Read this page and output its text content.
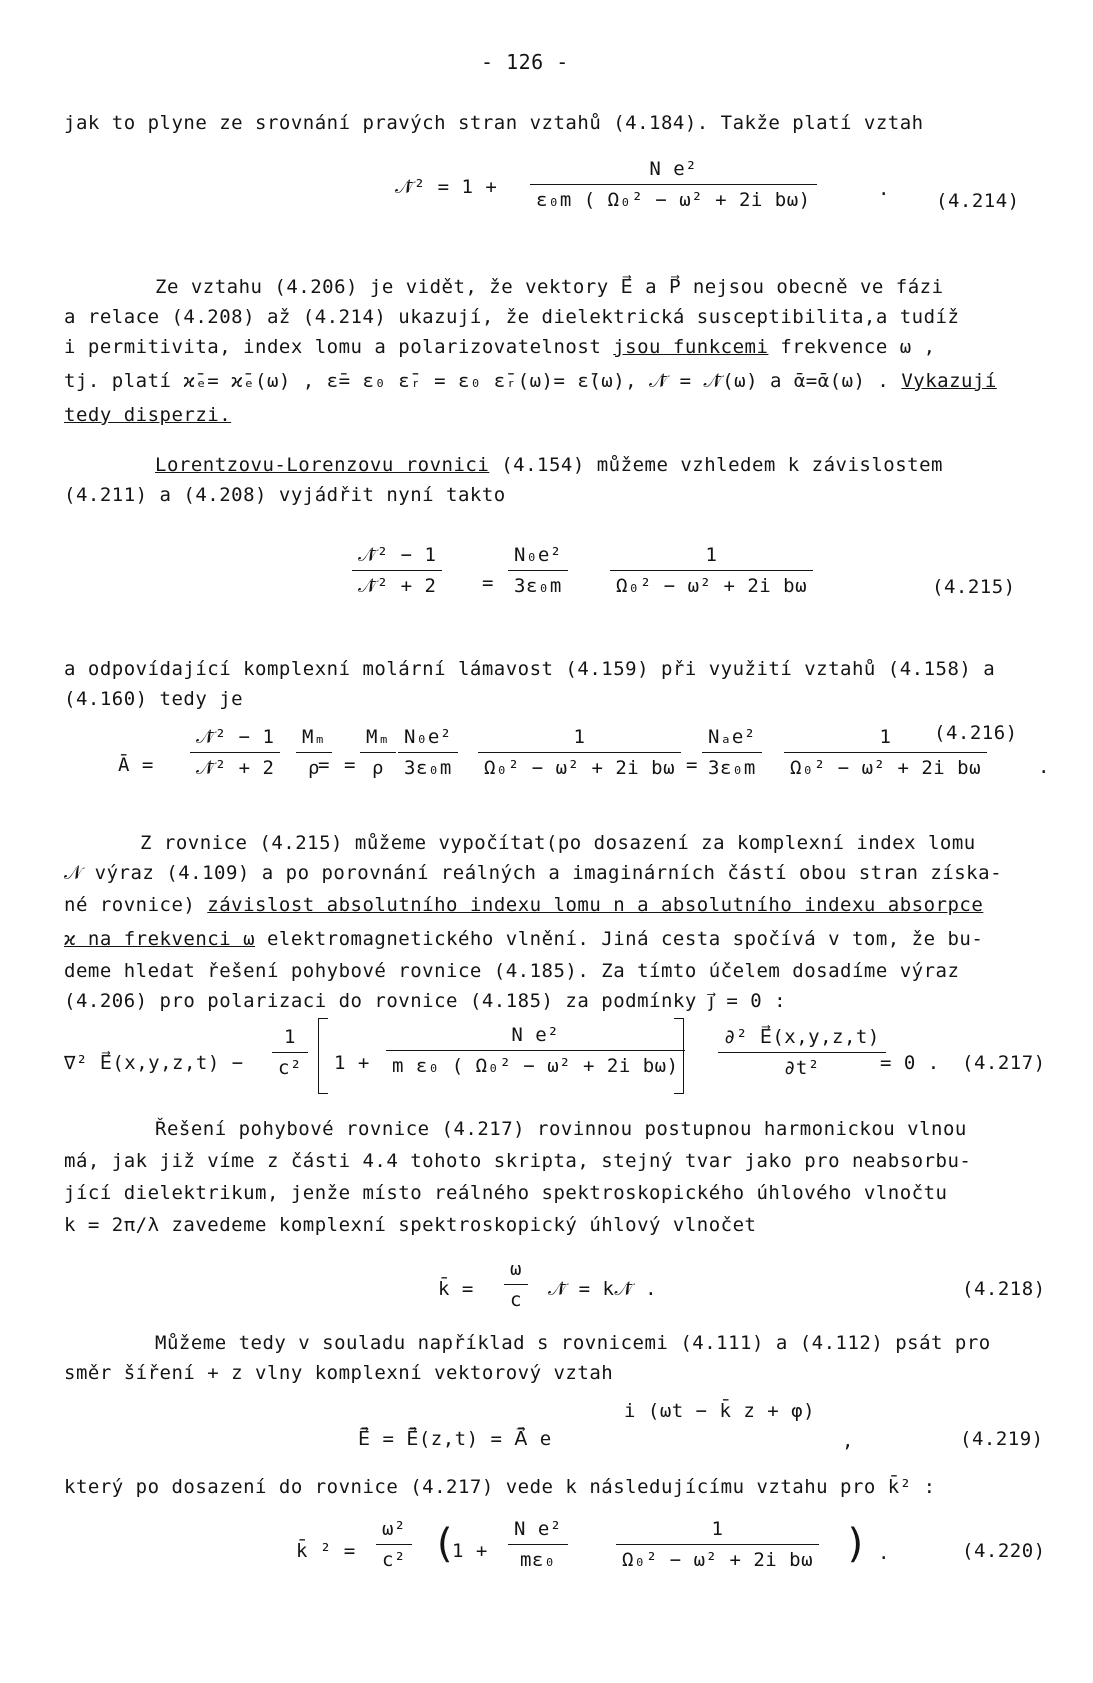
- 126 -
jak to plyne ze srovnání pravých stran vztahů (4.184). Takže platí vztah
𝒩̄² = 1 +
N e²
ε₀m ( Ω₀² − ω² + 2i bω)	.
(4.214)
Ze vztahu (4.206) je vidět, že vektory E⃗ a P⃗ nejsou obecně ve fázi
a relace (4.208) až (4.214) ukazují, že dielektrická susceptibilita,a tudíž
i permitivita, index lomu a polarizovatelnost jsou funkcemi frekvence ω ,
tj. platí ϰ̄ₑ= ϰ̄ₑ(ω) , ε̄= ε₀ ε̄ᵣ = ε₀ ε̄ᵣ(ω)= ε̄(ω), 𝒩̄ = 𝒩̄(ω) a ᾱ=ᾱ(ω) . Vykazují
tedy disperzi.
Lorentzovu-Lorenzovu rovnici (4.154) můžeme vzhledem k závislostem
(4.211) a (4.208) vyjádřit nyní takto
𝒩̄² − 1
𝒩̄² + 2	=
N₀e²
3ε₀m
1
Ω₀² − ω² + 2i bω	(4.215)
a odpovídající komplexní molární lámavost (4.159) při využití vztahů (4.158) a
(4.160) tedy je
Ā =
𝒩̄² − 1
𝒩̄² + 2	=
Mₘ
ρ	=
Mₘ
ρ
N₀e²
3ε₀m
1
Ω₀² − ω² + 2i bω =
Nₐe²
3ε₀m
1
Ω₀² − ω² + 2i bω	.
(4.216)
Z rovnice (4.215) můžeme vypočítat(po dosazení za komplexní index lomu
𝒩 výraz (4.109) a po porovnání reálných a imaginárních částí obou stran získa-
né rovnice) závislost absolutního indexu lomu n a absolutního indexu absorpce
ϰ na frekvenci ω elektromagnetického vlnění. Jiná cesta spočívá v tom, že bu-
deme hledat řešení pohybové rovnice (4.185). Za tímto účelem dosadíme výraz
(4.206) pro polarizaci do rovnice (4.185) za podmínky j⃗ = 0 :
∇² E⃗(x,y,z,t) −
1
c²	1 +
N e²
m ε₀ ( Ω₀² − ω² + 2i bω)
∂² E⃗(x,y,z,t)
∂t²	= 0 . (4.217)
Řešení pohybové rovnice (4.217) rovinnou postupnou harmonickou vlnou
má, jak již víme z části 4.4 tohoto skripta, stejný tvar jako pro neabsorbu-
jící dielektrikum, jenže místo reálného spektroskopického úhlového vlnočtu
k = 2π/λ zavedeme komplexní spektroskopický úhlový vlnočet
k̄ =
ω
c	𝒩̄ = k𝒩̄ .	(4.218)
Můžeme tedy v souladu například s rovnicemi (4.111) a (4.112) psát pro
směr šíření + z vlny komplexní vektorový vztah
E⃗̄ = E⃗̄(z,t) = A⃗̄ e
i (ωt − k̄ z + φ)
,	(4.219)
který po dosazení do rovnice (4.217) vede k následujícímu vztahu pro k̄² :
k̄ ² =
ω²
c² (
1 +
N e²
mε₀
1
Ω₀² − ω² + 2i bω ) .	(4.220)
